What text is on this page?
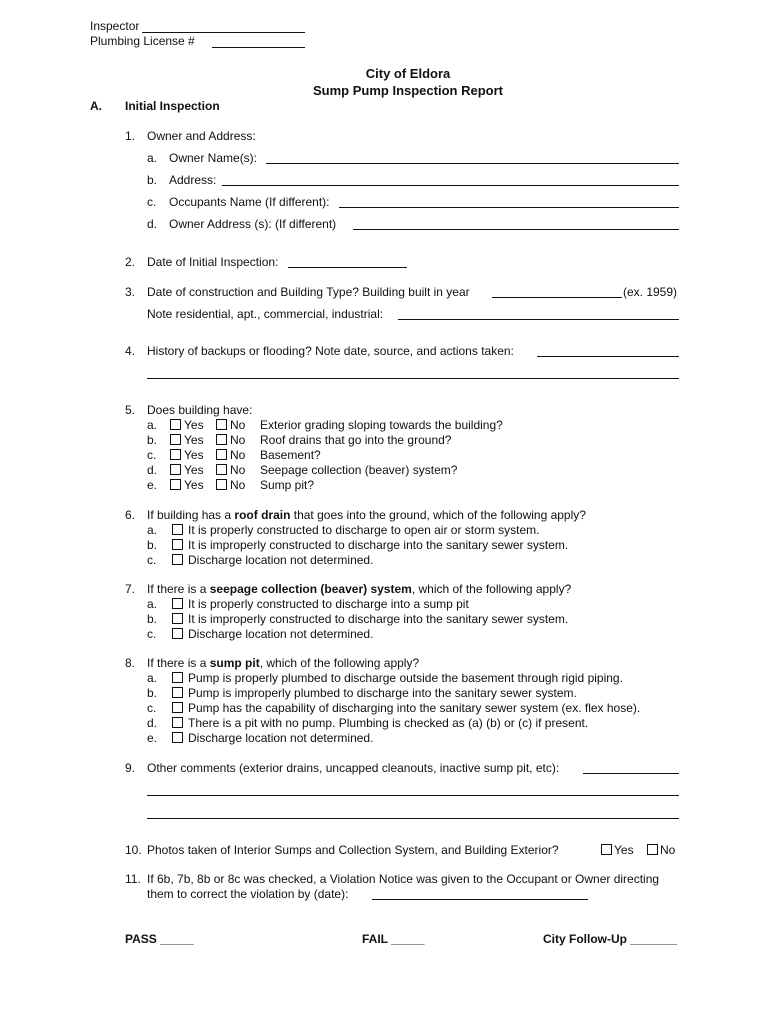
Inspector
Plumbing License #
City of Eldora
Sump Pump Inspection Report
A. Initial Inspection
1. Owner and Address:
a. Owner Name(s):
b. Address:
c. Occupants Name (If different):
d. Owner Address (s): (If different)
2. Date of Initial Inspection:
3. Date of construction and Building Type? Building built in year	(ex. 1959)
Note residential, apt., commercial, industrial:
4. History of backups or flooding? Note date, source, and actions taken:
5. Does building have:
a. Yes No Exterior grading sloping towards the building?
b. Yes No Roof drains that go into the ground?
c. Yes No Basement?
d. Yes No Seepage collection (beaver) system?
e. Yes No Sump pit?
6. If building has a roof drain that goes into the ground, which of the following apply?
a.	It is properly constructed to discharge to open air or storm system.
b.	It is improperly constructed to discharge into the sanitary sewer system.
c.	Discharge location not determined.
7. If there is a seepage collection (beaver) system, which of the following apply?
a.	It is properly constructed to discharge into a sump pit
b.	It is improperly constructed to discharge into the sanitary sewer system.
c.	Discharge location not determined.
8. If there is a sump pit, which of the following apply?
a.	Pump is properly plumbed to discharge outside the basement through rigid piping.
b.	Pump is improperly plumbed to discharge into the sanitary sewer system.
c.	Pump has the capability of discharging into the sanitary sewer system (ex. flex hose).
d.	There is a pit with no pump. Plumbing is checked as (a) (b) or (c) if present.
e.	Discharge location not determined.
9. Other comments (exterior drains, uncapped cleanouts, inactive sump pit, etc):
10. Photos taken of Interior Sumps and Collection System, and Building Exterior?	Yes No
11. If 6b, 7b, 8b or 8c was checked, a Violation Notice was given to the Occupant or Owner directing
them to correct the violation by (date):
PASS _____	FAIL _____	City Follow-Up _______
